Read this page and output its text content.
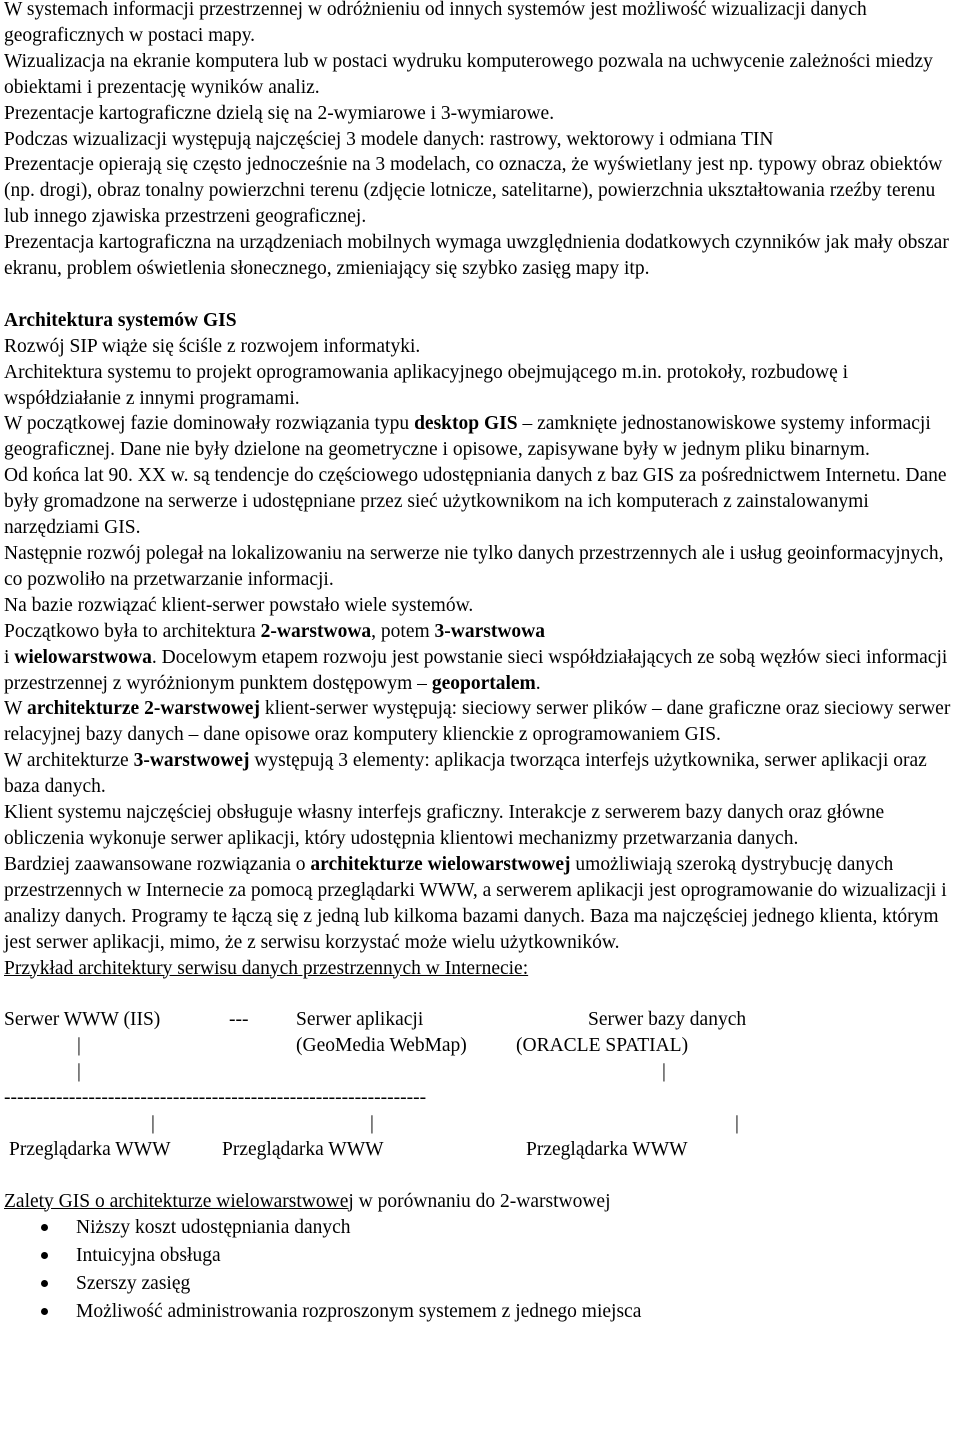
W systemach informacji przestrzennej w odróżnieniu od innych systemów jest możliwość wizualizacji danych geograficznych w postaci mapy.

Wizualizacja na ekranie komputera lub w postaci wydruku komputerowego pozwala na uchwycenie zależności miedzy obiektami i prezentację wyników analiz.

Prezentacje kartograficzne dzielą się na 2-wymiarowe i 3-wymiarowe.

Podczas wizualizacji występują najczęściej 3 modele danych: rastrowy, wektorowy i odmiana TIN

Prezentacje opierają się często jednocześnie na 3 modelach, co oznacza, że wyświetlany jest np. typowy obraz obiektów (np. drogi), obraz tonalny powierzchni terenu (zdjęcie lotnicze, satelitarne), powierzchnia ukształtowania rzeźby terenu lub innego zjawiska przestrzeni geograficznej.

Prezentacja kartograficzna na urządzeniach mobilnych wymaga uwzględnienia dodatkowych czynników jak mały obszar ekranu, problem oświetlenia słonecznego, zmieniający się szybko zasięg mapy itp.

Architektura systemów GIS

Rozwój SIP wiąże się ściśle z rozwojem informatyki.

Architektura systemu to projekt oprogramowania aplikacyjnego obejmującego m.in. protokoły, rozbudowę i współdziałanie z innymi programami.

W początkowej fazie dominowały rozwiązania typu desktop GIS – zamknięte jednostanowiskowe systemy informacji geograficznej. Dane nie były dzielone na geometryczne i opisowe, zapisywane były w jednym pliku binarnym.

Od końca lat 90. XX w. są tendencje do częściowego udostępniania danych z baz GIS za pośrednictwem Internetu. Dane były gromadzone na serwerze i udostępniane przez sieć użytkownikom na ich komputerach z zainstalowanymi narzędziami GIS.

Następnie rozwój polegał na lokalizowaniu na serwerze nie tylko danych przestrzennych ale i usług geoinformacyjnych, co pozwoliło na przetwarzanie informacji.

Na bazie rozwiązać klient-serwer powstało wiele systemów.

Początkowo była to architektura 2-warstwowa, potem 3-warstwowa
i wielowarstwowa. Docelowym etapem rozwoju jest powstanie sieci współdziałających ze sobą węzłów sieci informacji przestrzennej z wyróżnionym punktem dostępowym – geoportalem.

W architekturze 2-warstwowej klient-serwer występują: sieciowy serwer plików – dane graficzne oraz sieciowy serwer relacyjnej bazy danych – dane opisowe oraz komputery klienckie z oprogramowaniem GIS.

W architekturze 3-warstwowej występują 3 elementy: aplikacja tworząca interfejs użytkownika, serwer aplikacji oraz baza danych.

Klient systemu najczęściej obsługuje własny interfejs graficzny. Interakcje z serwerem bazy danych oraz główne obliczenia wykonuje serwer aplikacji, który udostępnia klientowi mechanizmy przetwarzania danych.

Bardziej zaawansowane rozwiązania o architekturze wielowarstwowej umożliwiają szeroką dystrybucję danych przestrzennych w Internecie za pomocą przeglądarki WWW, a serwerem aplikacji jest oprogramowanie do wizualizacji i analizy danych. Programy te łączą się z jedną lub kilkoma bazami danych. Baza ma najczęściej jednego klienta, którym jest serwer aplikacji, mimo, że z serwisu korzystać może wielu użytkowników.

Przykład architektury serwisu danych przestrzennych w Internecie:

Serwer WWW (IIS)

	---

Serwer aplikacji

	Serwer bazy danych

|

	(GeoMedia WebMap)

	(ORACLE SPATIAL)

|

	|

-----------------------------------------------------------------

|

	|

	|

Przeglądarka WWW

	Przeglądarka WWW

	Przeglądarka WWW

Zalety GIS o architekturze wielowarstwowej w porównaniu do 2-warstwowej

Niższy koszt udostępniania danych
Intuicyjna obsługa
Szerszy zasięg
Możliwość administrowania rozproszonym systemem z jednego miejsca
